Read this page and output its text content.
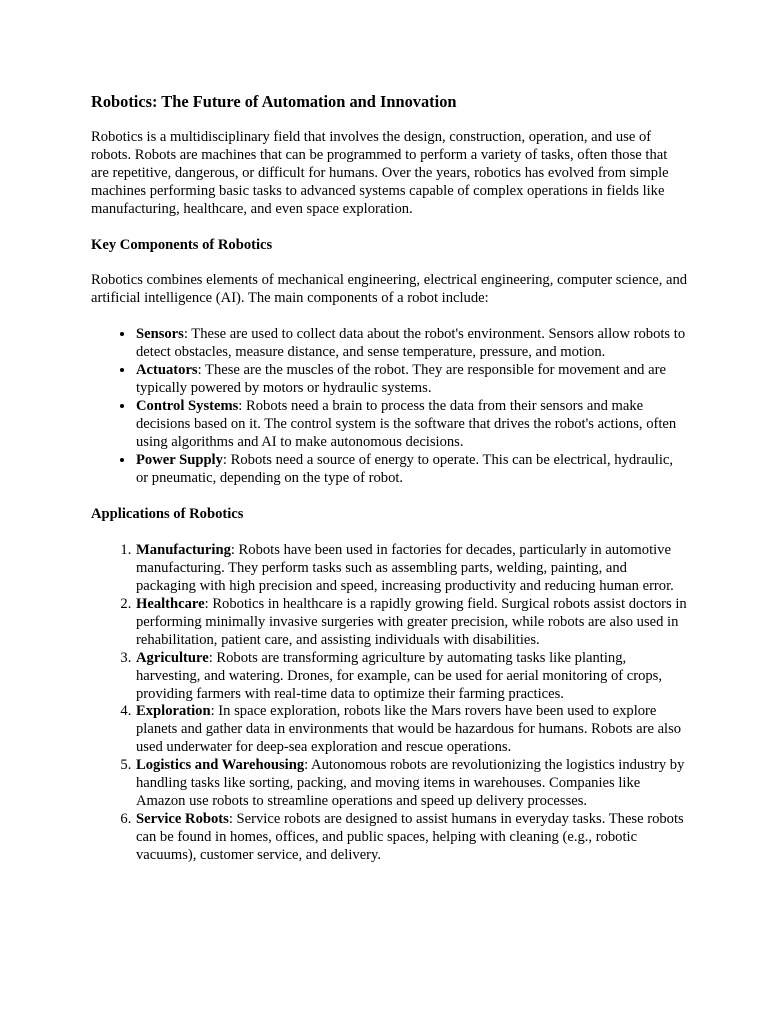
Robotics: The Future of Automation and Innovation

Robotics is a multidisciplinary field that involves the design, construction, operation, and use of robots. Robots are machines that can be programmed to perform a variety of tasks, often those that are repetitive, dangerous, or difficult for humans. Over the years, robotics has evolved from simple machines performing basic tasks to advanced systems capable of complex operations in fields like manufacturing, healthcare, and even space exploration.

Key Components of Robotics

Robotics combines elements of mechanical engineering, electrical engineering, computer science, and artificial intelligence (AI). The main components of a robot include:

• Sensors: These are used to collect data about the robot's environment. Sensors allow robots to detect obstacles, measure distance, and sense temperature, pressure, and motion.
• Actuators: These are the muscles of the robot. They are responsible for movement and are typically powered by motors or hydraulic systems.
• Control Systems: Robots need a brain to process the data from their sensors and make decisions based on it. The control system is the software that drives the robot's actions, often using algorithms and AI to make autonomous decisions.
• Power Supply: Robots need a source of energy to operate. This can be electrical, hydraulic, or pneumatic, depending on the type of robot.
Applications of Robotics
1. Manufacturing: Robots have been used in factories for decades, particularly in automotive manufacturing. They perform tasks such as assembling parts, welding, painting, and packaging with high precision and speed, increasing productivity and reducing human error.
2. Healthcare: Robotics in healthcare is a rapidly growing field. Surgical robots assist doctors in performing minimally invasive surgeries with greater precision, while robots are also used in rehabilitation, patient care, and assisting individuals with disabilities.
3. Agriculture: Robots are transforming agriculture by automating tasks like planting, harvesting, and watering. Drones, for example, can be used for aerial monitoring of crops, providing farmers with real-time data to optimize their farming practices.
4. Exploration: In space exploration, robots like the Mars rovers have been used to explore planets and gather data in environments that would be hazardous for humans. Robots are also used underwater for deep-sea exploration and rescue operations.
5. Logistics and Warehousing: Autonomous robots are revolutionizing the logistics industry by handling tasks like sorting, packing, and moving items in warehouses. Companies like Amazon use robots to streamline operations and speed up delivery processes.
6. Service Robots: Service robots are designed to assist humans in everyday tasks. These robots can be found in homes, offices, and public spaces, helping with cleaning (e.g., robotic vacuums), customer service, and delivery.
